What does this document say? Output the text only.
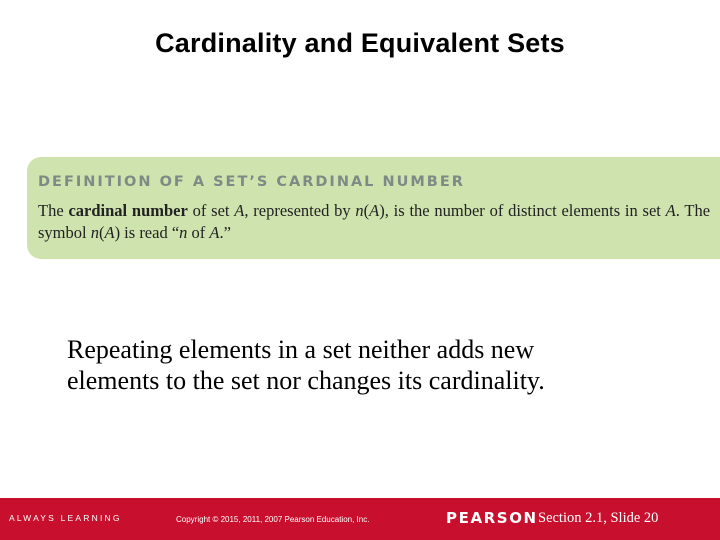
Cardinality and Equivalent Sets
DEFINITION OF A SET’S CARDINAL NUMBER
The cardinal number of set A, represented by n(A), is the number of distinct elements in set A. The symbol n(A) is read “n of A.”
Repeating elements in a set neither adds new elements to the set nor changes its cardinality.
ALWAYS LEARNING	Copyright © 2015, 2011, 2007 Pearson Education, Inc.	PEARSON Section 2.1, Slide 20
